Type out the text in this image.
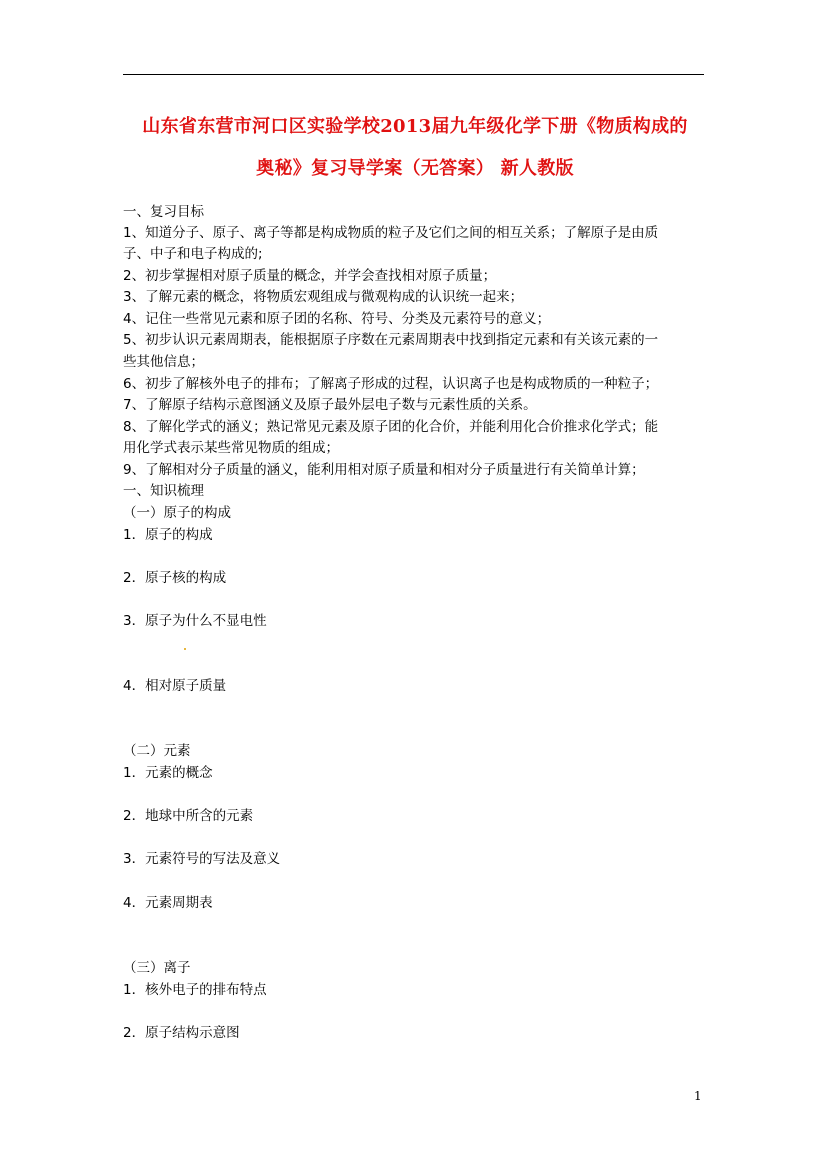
山东省东营市河口区实验学校2013届九年级化学下册《物质构成的
奥秘》复习导学案（无答案） 新人教版
一、复习目标
1、知道分子、原子、离子等都是构成物质的粒子及它们之间的相互关系；了解原子是由质
子、中子和电子构成的;
2、初步掌握相对原子质量的概念，并学会查找相对原子质量；
3、了解元素的概念，将物质宏观组成与微观构成的认识统一起来；
4、记住一些常见元素和原子团的名称、符号、分类及元素符号的意义；
5、初步认识元素周期表，能根据原子序数在元素周期表中找到指定元素和有关该元素的一
些其他信息；
6、初步了解核外电子的排布；了解离子形成的过程，认识离子也是构成物质的一种粒子；
7、了解原子结构示意图涵义及原子最外层电子数与元素性质的关系。
8、了解化学式的涵义；熟记常见元素及原子团的化合价，并能利用化合价推求化学式；能
用化学式表示某些常见物质的组成；
9、了解相对分子质量的涵义，能利用相对原子质量和相对分子质量进行有关简单计算；
一、知识梳理
（一）原子的构成
1．原子的构成
2．原子核的构成
3．原子为什么不显电性
4．相对原子质量
（二）元素
1．元素的概念
2．地球中所含的元素
3．元素符号的写法及意义
4．元素周期表
（三）离子
1．核外电子的排布特点
2．原子结构示意图
1
